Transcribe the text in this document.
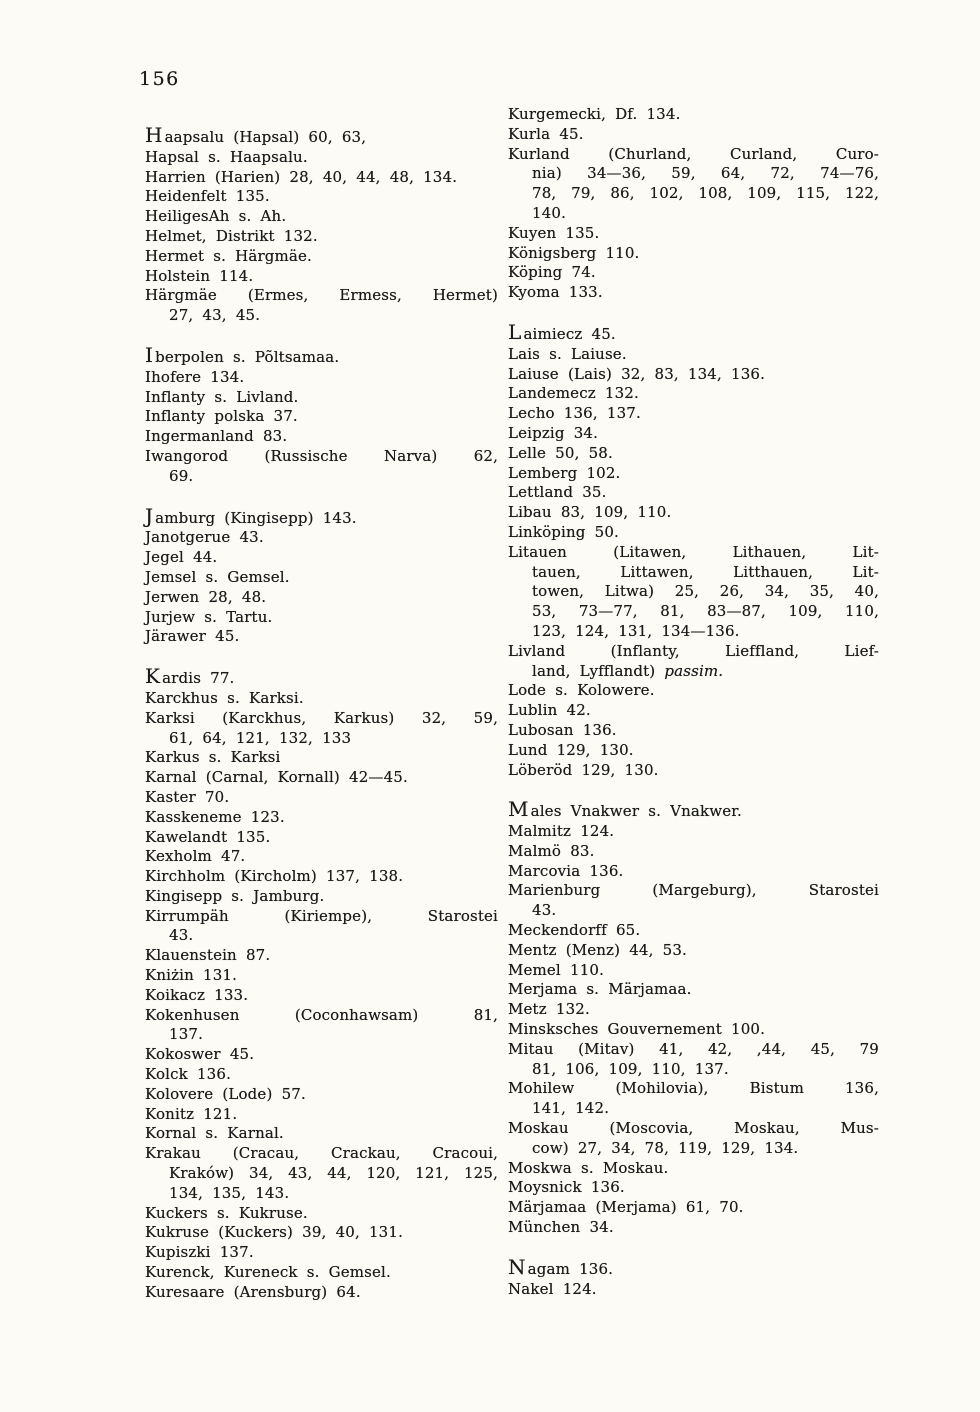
156
H aapsalu (Hapsal) 60, 63,
Hapsal s. Haapsalu.
Harrien (Harien) 28, 40, 44, 48, 134.
Heidenfelt 135.
HeiligesAh s. Ah.
Helmet, Distrikt 132.
Hermet s. Härgmäe.
Holstein 114.
Härgmäe (Ermes, Ermess, Hermet)
27, 43, 45.
I berpolen s. Põltsamaa.
Ihofere 134.
Inflanty s. Livland.
Inflanty polska 37.
Ingermanland 83.
Iwangorod (Russische Narva) 62,
69.
J amburg (Kingisepp) 143.
Janotgerue 43.
Jegel 44.
Jemsel s. Gemsel.
Jerwen 28, 48.
Jurjew s. Tartu.
Järawer 45.
K ardis 77.
Karckhus s. Karksi.
Karksi (Karckhus, Karkus) 32, 59,
61, 64, 121, 132, 133
Karkus s. Karksi
Karnal (Carnal, Kornall) 42—45.
Kaster 70.
Kasskeneme 123.
Kawelandt 135.
Kexholm 47.
Kirchholm (Kircholm) 137, 138.
Kingisepp s. Jamburg.
Kirrumpäh (Kiriempe), Starostei
43.
Klauenstein 87.
Kniżin 131.
Koikacz 133.
Kokenhusen (Coconhawsam) 81,
137.
Kokoswer 45.
Kolck 136.
Kolovere (Lode) 57.
Konitz 121.
Kornal s. Karnal.
Krakau (Cracau, Crackau, Cracoui,
Kraków) 34, 43, 44, 120, 121, 125,
134, 135, 143.
Kuckers s. Kukruse.
Kukruse (Kuckers) 39, 40, 131.
Kupiszki 137.
Kurenck, Kureneck s. Gemsel.
Kuresaare (Arensburg) 64.
Kurgemecki, Df. 134.
Kurla 45.
Kurland (Churland, Curland, Curo-
nia) 34—36, 59, 64, 72, 74—76,
78, 79, 86, 102, 108, 109, 115, 122,
140.
Kuyen 135.
Königsberg 110.
Köping 74.
Kyoma 133.
L aimiecz 45.
Lais s. Laiuse.
Laiuse (Lais) 32, 83, 134, 136.
Landemecz 132.
Lecho 136, 137.
Leipzig 34.
Lelle 50, 58.
Lemberg 102.
Lettland 35.
Libau 83, 109, 110.
Linköping 50.
Litauen (Litawen, Lithauen, Lit-
tauen, Littawen, Litthauen, Lit-
towen, Litwa) 25, 26, 34, 35, 40,
53, 73—77, 81, 83—87, 109, 110,
123, 124, 131, 134—136.
Livland (Inflanty, Lieffland, Lief-
land, Lyfflandt) passim.
Lode s. Kolowere.
Lublin 42.
Lubosan 136.
Lund 129, 130.
Löberöd 129, 130.
M ales Vnakwer s. Vnakwer.
Malmitz 124.
Malmö 83.
Marcovia 136.
Marienburg (Margeburg), Starostei
43.
Meckendorff 65.
Mentz (Menz) 44, 53.
Memel 110.
Merjama s. Märjamaa.
Metz 132.
Minsksches Gouvernement 100.
Mitau (Mitav) 41, 42, ,44, 45, 79
81, 106, 109, 110, 137.
Mohilew (Mohilovia), Bistum 136,
141, 142.
Moskau (Moscovia, Moskau, Mus-
cow) 27, 34, 78, 119, 129, 134.
Moskwa s. Moskau.
Moysnick 136.
Märjamaa (Merjama) 61, 70.
München 34.
N agam 136.
Nakel 124.
